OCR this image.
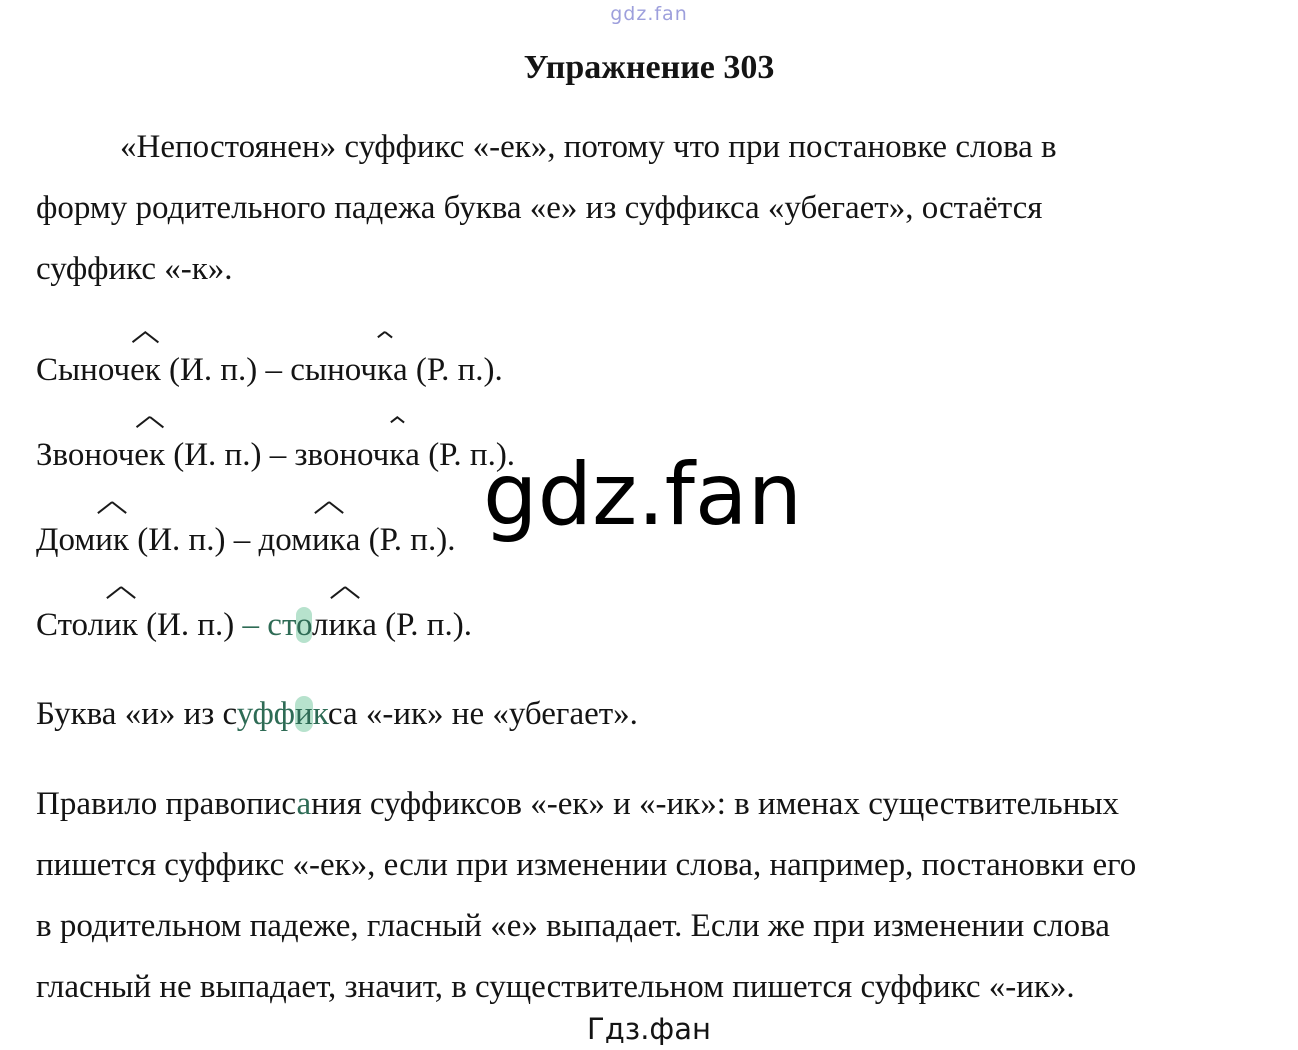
gdz.fan
Упражнение 303
«Непостоянен» суффикс «-ек», потому что при постановке слова в
форму родительного падежа буква «е» из суффикса «убегает», остаётся
суффикс «-к».
Сыночек (И. п.) – сыночка (Р. п.).
Звоночек (И. п.) – звоночка (Р. п.).
Домик (И. п.) – домика (Р. п.).
Столик (И. п.) – столика (Р. п.).
Буква «и» из суффикса «-ик» не «убегает».
Правило правописания суффиксов «-ек» и «-ик»: в именах существительных
пишется суффикс «-ек», если при изменении слова, например, постановки его
в родительном падеже, гласный «е» выпадает. Если же при изменении слова
гласный не выпадает, значит, в существительном пишется суффикс «-ик».
gdz.fan
Гдз.фан
